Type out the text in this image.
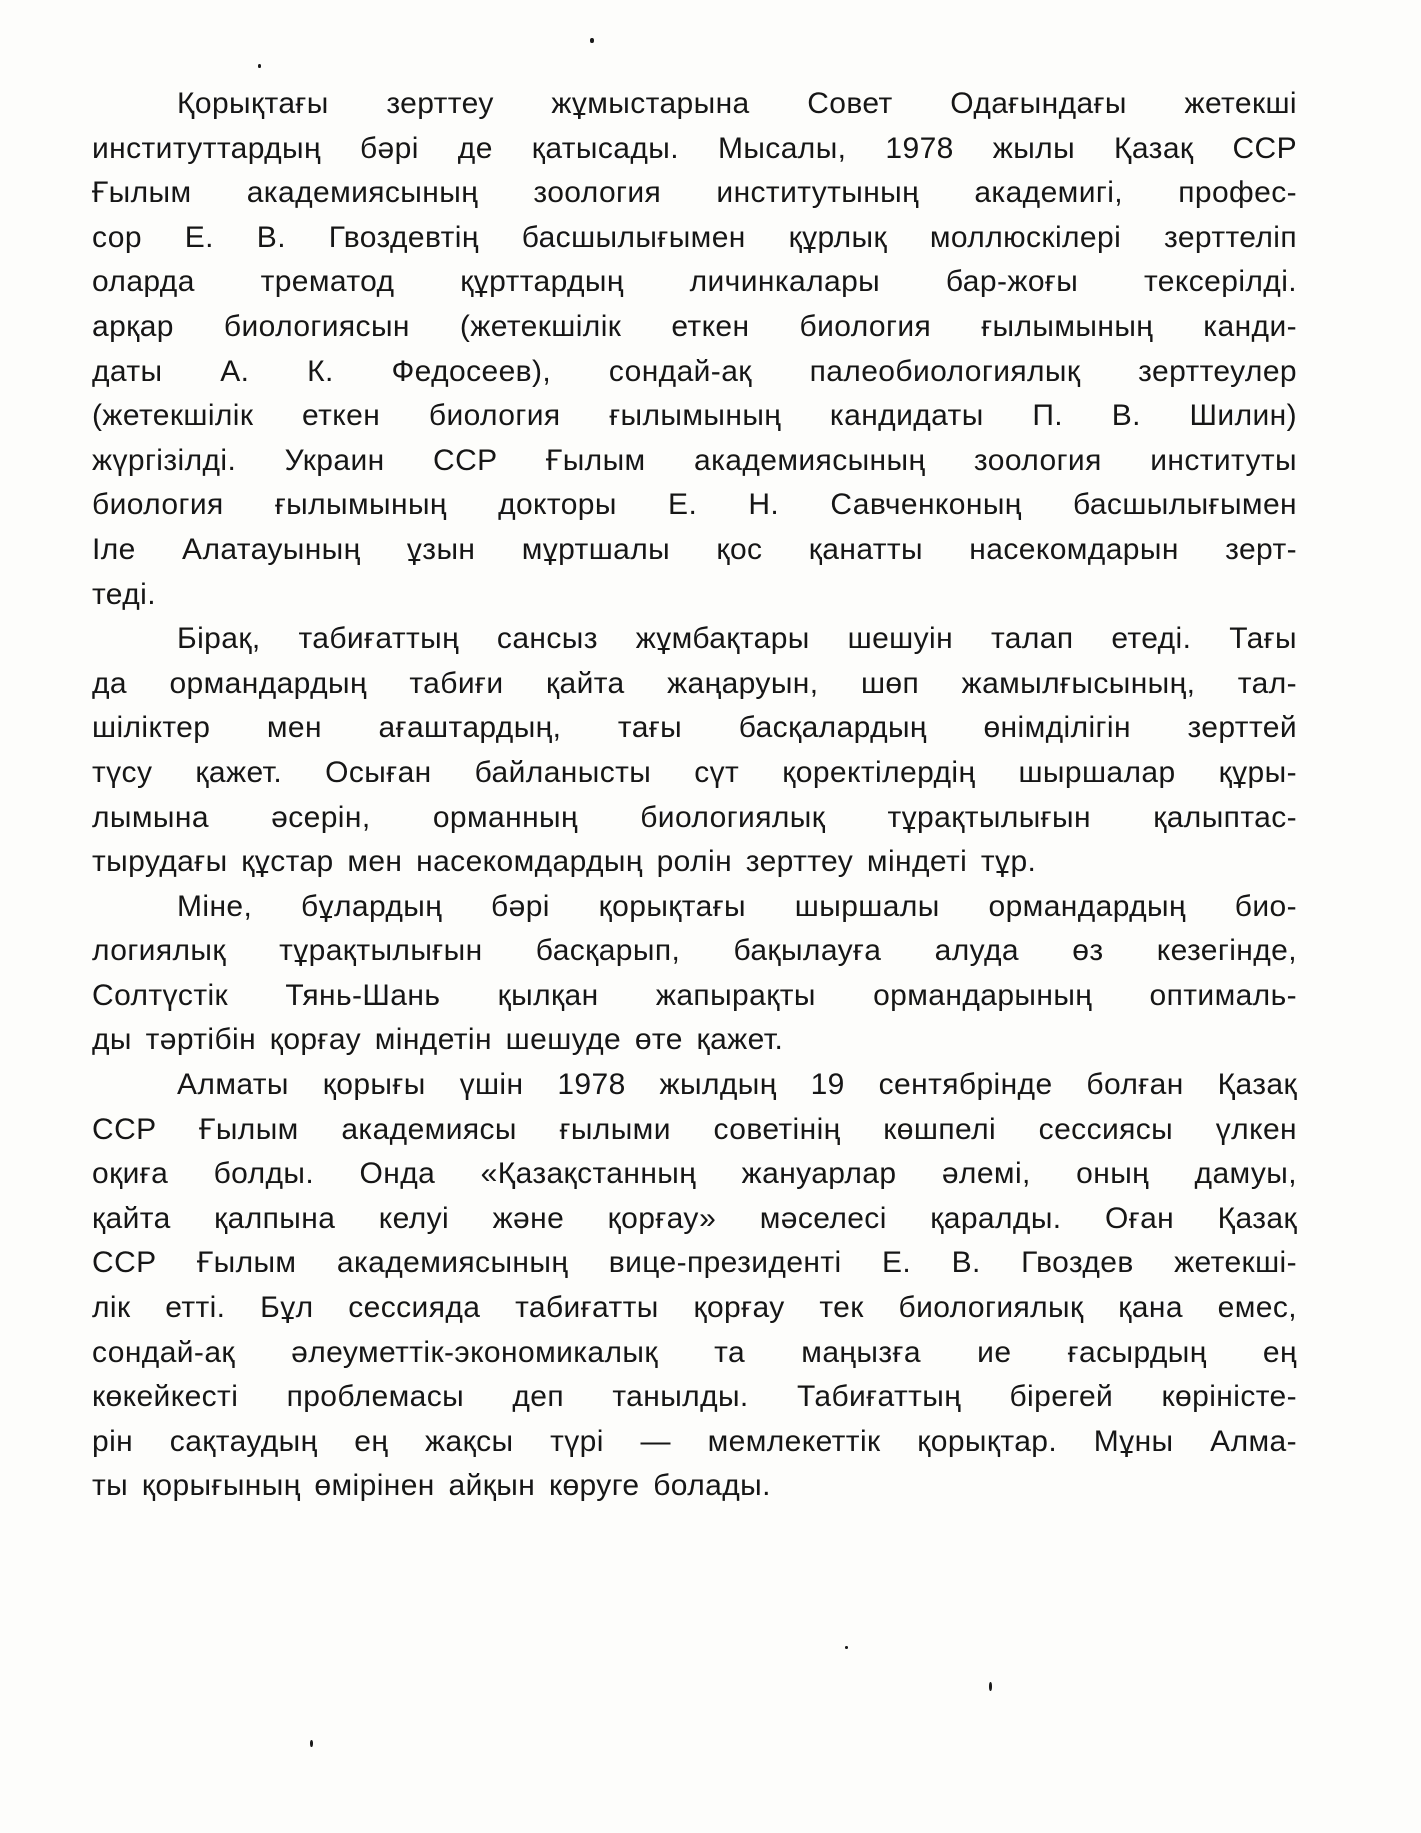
Қорықтағы зерттеу жұмыстарына Совет Одағындағы жетекші
институттардың бәрі де қатысады. Мысалы, 1978 жылы Қазақ ССР
Ғылым академиясының зоология институтының академигі, профес-
сор Е. В. Гвоздевтің басшылығымен құрлық моллюскілері зерттеліп
оларда трематод құрттардың личинкалары бар-жоғы тексерілді.
арқар биологиясын (жетекшілік еткен биология ғылымының канди-
даты А. К. Федосеев), сондай-ақ палеобиологиялық зерттеулер
(жетекшілік еткен биология ғылымының кандидаты П. В. Шилин)
жүргізілді. Украин ССР Ғылым академиясының зоология институты
биология ғылымының докторы Е. Н. Савченконың басшылығымен
Іле Алатауының ұзын мұртшалы қос қанатты насекомдарын зерт-
теді.
Бірақ, табиғаттың сансыз жұмбақтары шешуін талап етеді. Тағы
да ормандардың табиғи қайта жаңаруын, шөп жамылғысының, тал-
шіліктер мен ағаштардың, тағы басқалардың өнімділігін зерттей
түсу қажет. Осыған байланысты сүт қоректілердің шыршалар құры-
лымына әсерін, орманның биологиялық тұрақтылығын қалыптас-
тырудағы құстар мен насекомдардың ролін зерттеу міндеті тұр.
Міне, бұлардың бәрі қорықтағы шыршалы ормандардың био-
логиялық тұрақтылығын басқарып, бақылауға алуда өз кезегінде,
Солтүстік Тянь-Шань қылқан жапырақты ормандарының оптималь-
ды тәртібін қорғау міндетін шешуде өте қажет.
Алматы қорығы үшін 1978 жылдың 19 сентябрінде болған Қазақ
ССР Ғылым академиясы ғылыми советінің көшпелі сессиясы үлкен
оқиға болды. Онда «Қазақстанның жануарлар әлемі, оның дамуы,
қайта қалпына келуі және қорғау» мәселесі қаралды. Оған Қазақ
ССР Ғылым академиясының вице-президенті Е. В. Гвоздев жетекші-
лік етті. Бұл сессияда табиғатты қорғау тек биологиялық қана емес,
сондай-ақ әлеуметтік-экономикалық та маңызға ие ғасырдың ең
көкейкесті проблемасы деп танылды. Табиғаттың бірегей көріністе-
рін сақтаудың ең жақсы түрі — мемлекеттік қорықтар. Мұны Алма-
ты қорығының өмірінен айқын көруге болады.
